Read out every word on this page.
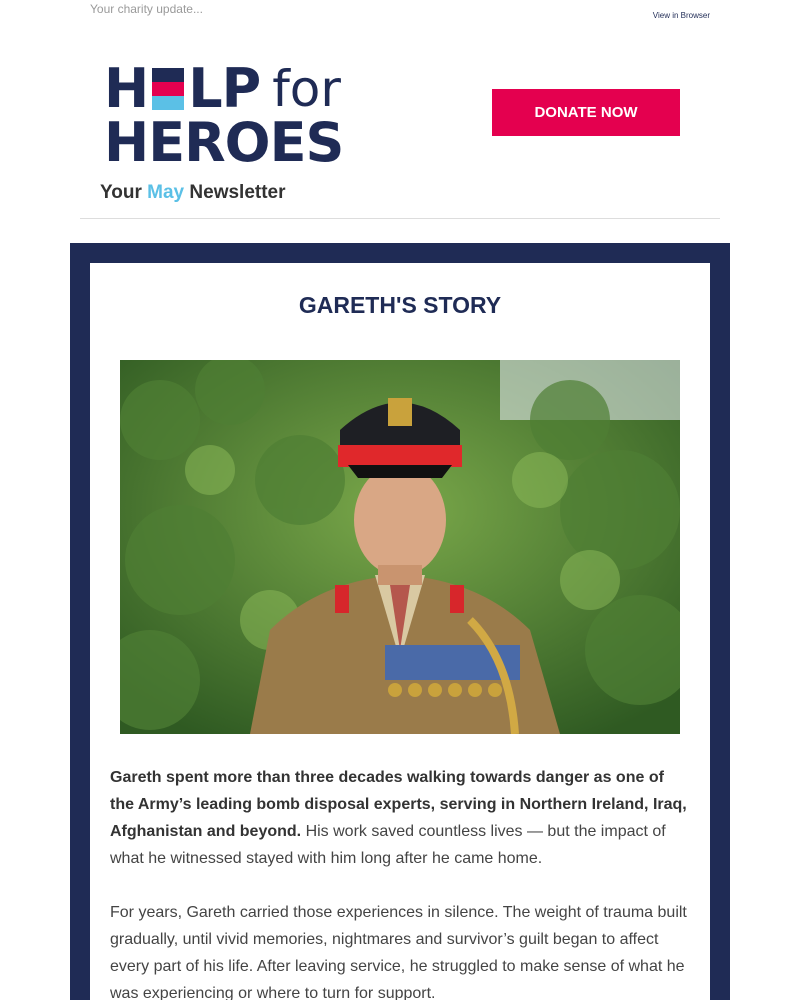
Your charity update...	View in Browser
H LP for
HEROES
Your May Newsletter
DONATE NOW
GARETH'S STORY

Gareth spent more than three decades walking towards danger as one of the Army’s leading bomb disposal experts, serving in Northern Ireland, Iraq, Afghanistan and beyond. His work saved countless lives — but the impact of what he witnessed stayed with him long after he came home.

For years, Gareth carried those experiences in silence. The weight of trauma built gradually, until vivid memories, nightmares and survivor’s guilt began to affect every part of his life. After leaving service, he struggled to make sense of what he was experiencing or where to turn for support.
